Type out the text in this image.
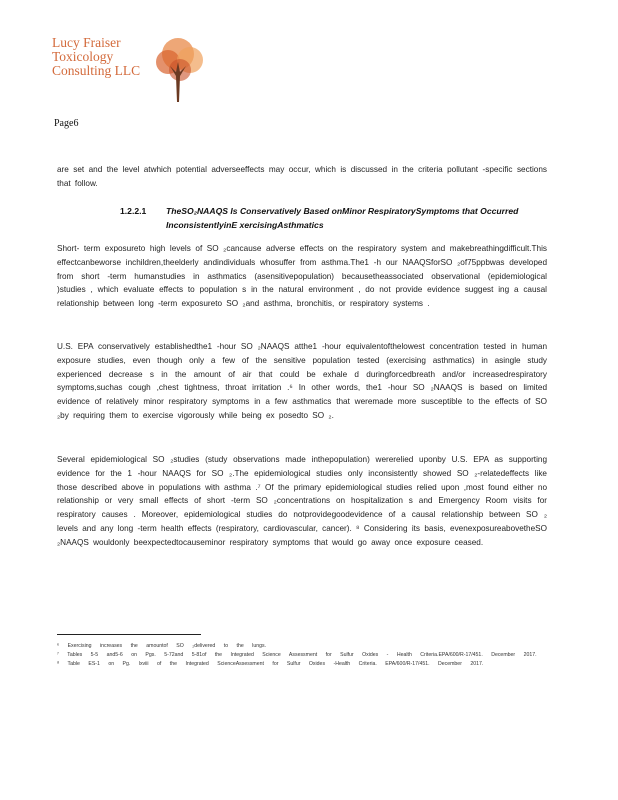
Lucy Fraiser
Toxicology
Consulting LLC
Page6
are set and the level atwhich potential adverseeffects may occur, which is discussed in the criteria pollutant -specific sections that follow.
1.2.2.1 TheSO₂NAAQS Is Conservatively Based onMinor RespiratorySymptoms that Occurred
InconsistentlyinE xercisingAsthmatics
Short- term exposureto high levels of SO ₂cancause adverse effects on the respiratory system and makebreathingdifficult.This effectcanbeworse inchildren,theelderly andindividuals whosuffer from asthma.The1 -h our NAAQSforSO ₂of75ppbwas developed from short -term humanstudies in asthmatics (asensitivepopulation) becausetheassociated observational (epidemiological )studies , which evaluate effects to population s in the natural environment , do not provide evidence suggest ing a causal relationship between long -term exposureto SO ₂and asthma, bronchitis, or respiratory systems .
U.S. EPA conservatively establishedthe1 -hour SO ₂NAAQS atthe1 -hour equivalentofthelowest concentration tested in human exposure studies, even though only a few of the sensitive population tested (exercising asthmatics) in asingle study experienced decrease s in the amount of air that could be exhale d duringforcedbreath and/or increasedrespiratory symptoms,suchas cough ,chest tightness, throat irritation .⁶ In other words, the1 -hour SO ₂NAAQS is based on limited evidence of relatively minor respiratory symptoms in a few asthmatics that weremade more susceptible to the effects of SO ₂by requiring them to exercise vigorously while being ex posedto SO ₂.
Several epidemiological SO ₂studies (study observations made inthepopulation) wererelied uponby U.S. EPA as supporting evidence for the 1 -hour NAAQS for SO ₂.The epidemiological studies only inconsistently showed SO ₂-relatedeffects like those described above in populations with asthma .⁷ Of the primary epidemiological studies relied upon ,most found either no relationship or very small effects of short -term SO ₂concentrations on hospitalization s and Emergency Room visits for respiratory causes . Moreover, epidemiological studies do notprovidegoodevidence of a causal relationship between SO ₂ levels and any long -term health effects (respiratory, cardiovascular, cancer). ⁸ Considering its basis, evenexposureabovetheSO ₂NAAQS wouldonly beexpectedtocauseminor respiratory symptoms that would go away once exposure ceased.
⁶ Exercising increases the amountof SO ₂delivered to the lungs.
⁷ Tables 5-5 and5-6 on Pgs. 5-72and 5-81of the Integrated Science Assessment for Sulfur Oxides - Health Criteria.EPA/600/R-17/451. December 2017.
⁸ Table ES-1 on Pg. lxviii of the Integrated ScienceAssessment for Sulfur Oxides -Health Criteria. EPA/600/R-17/451. December 2017.
